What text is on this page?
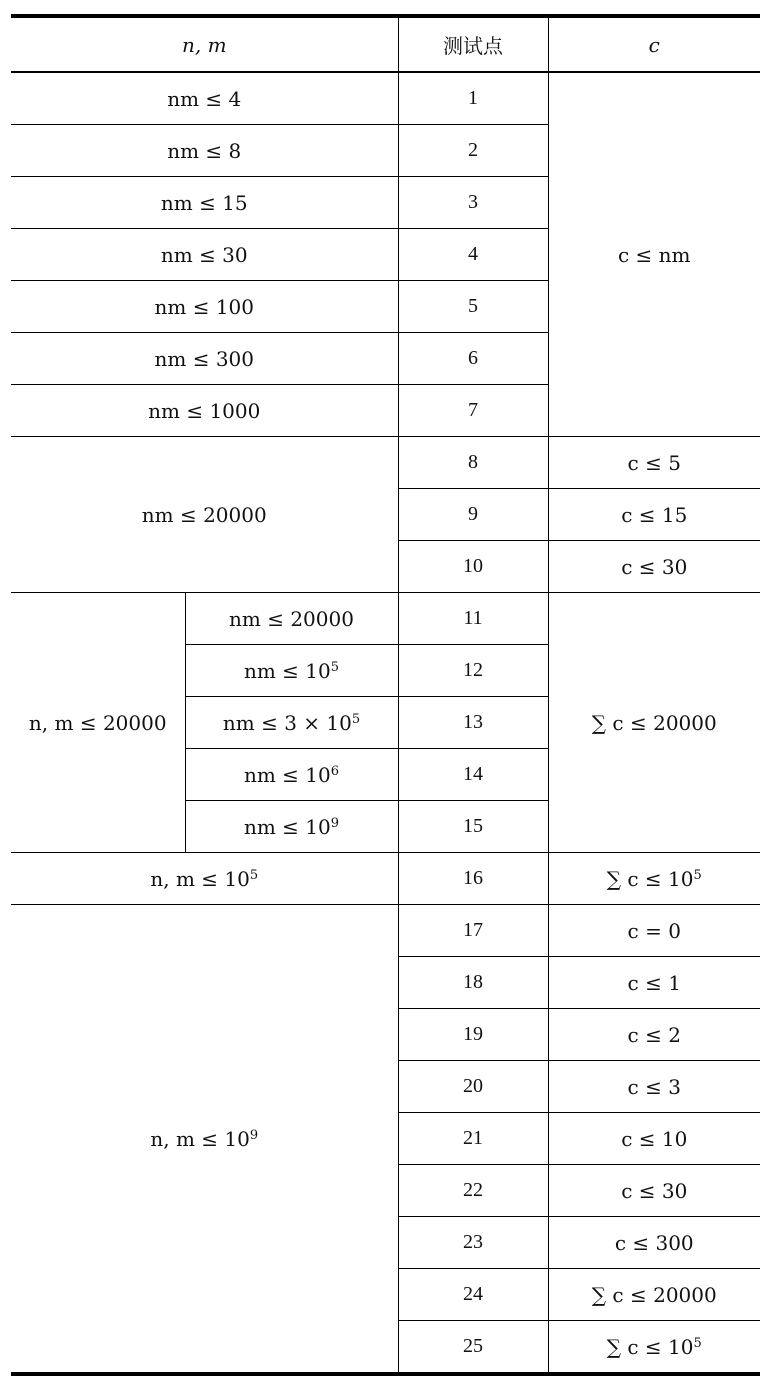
n, m		测试点	c
nm ≤ 4		1	c ≤ nm
nm ≤ 8		2	
nm ≤ 15		3	
nm ≤ 30		4	
nm ≤ 100		5	
nm ≤ 300		6	
nm ≤ 1000		7	
nm ≤ 20000		8	c ≤ 5
		9	c ≤ 15
		10	c ≤ 30
n, m ≤ 20000	nm ≤ 20000	11	∑ c ≤ 20000
	nm ≤ $10^5$	12	
	nm ≤ $3 \times 10^5$	13	
	nm ≤ $10^6$	14	
	nm ≤ $10^9$	15	
n, $m \le 10^5$		16	∑ $c \le 10^5$
n, $m \le 10^9$		17	c = 0
		18	c ≤ 1
		19	c ≤ 2
		20	c ≤ 3
		21	c ≤ 10
		22	c ≤ 30
		23	c ≤ 300
		24	∑ c ≤ 20000
		25	∑ $c \le 10^5$
